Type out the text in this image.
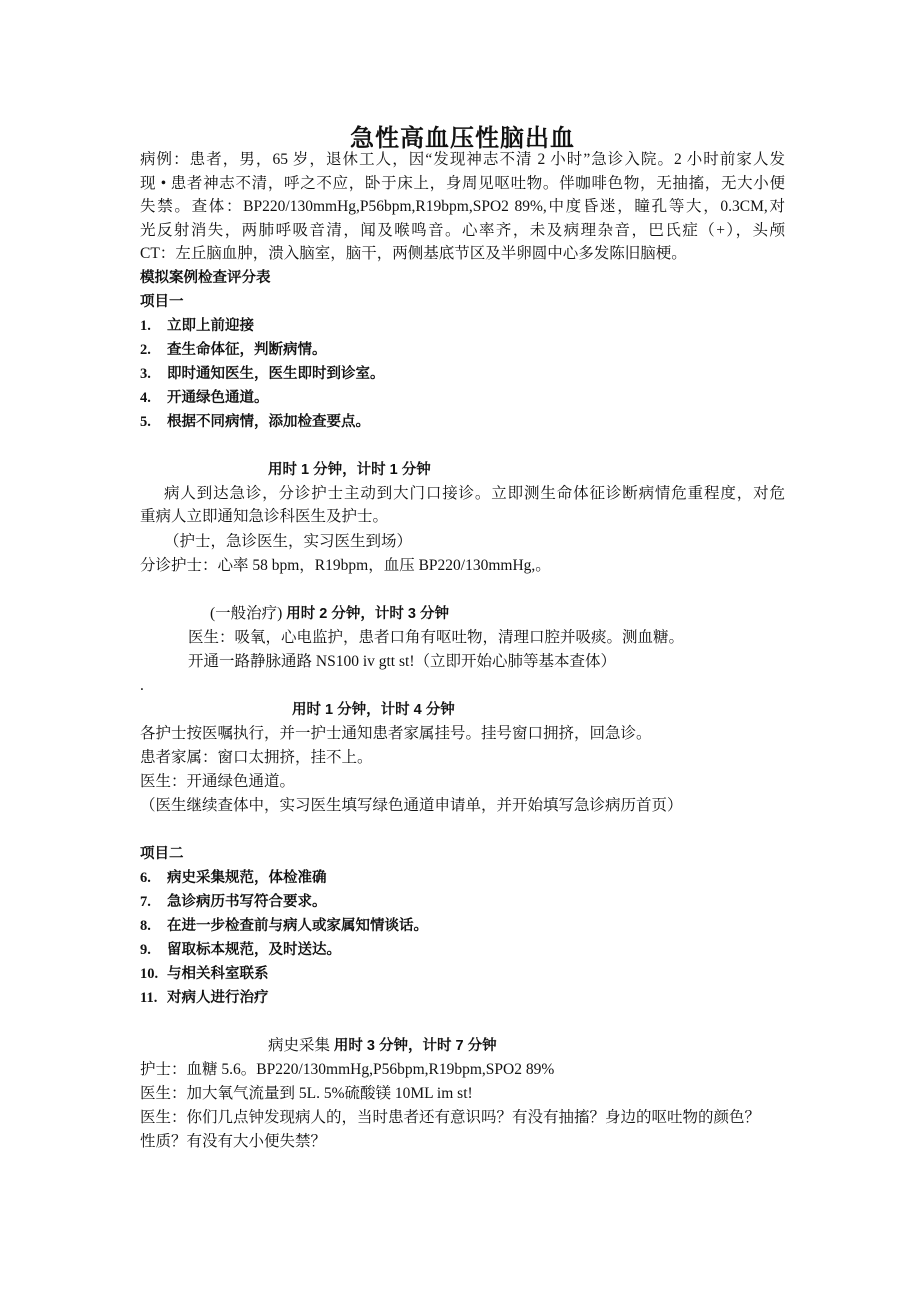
急性高血压性脑出血
病例：患者，男，65 岁，退休工人，因“发现神志不清 2 小时”急诊入院。2 小时前家人发
现 • 患者神志不清，呼之不应，卧于床上，身周见呕吐物。伴咖啡色物，无抽搐，无大小便
失禁。查体：BP220/130mmHg,P56bpm,R19bpm,SPO2 89%,中度昏迷，瞳孔等大，0.3CM,对
光反射消失，两肺呼吸音清，闻及喉鸣音。心率齐，未及病理杂音，巴氏症（+），头颅
CT：左丘脑血肿，溃入脑室，脑干，两侧基底节区及半卵圆中心多发陈旧脑梗。
模拟案例检查评分表
项目一
1. 立即上前迎接
2. 查生命体征，判断病情。
3. 即时通知医生，医生即时到诊室。
4. 开通绿色通道。
5. 根据不同病情，添加检查要点。
用时 1 分钟，计时 1 分钟
病人到达急诊，分诊护士主动到大门口接诊。立即测生命体征诊断病情危重程度，对危
重病人立即通知急诊科医生及护士。
（护士，急诊医生，实习医生到场）
分诊护士：心率 58 bpm，R19bpm，血压 BP220/130mmHg,。
(一般治疗) 用时 2 分钟，计时 3 分钟
医生：吸氧，心电监护，患者口角有呕吐物，清理口腔并吸痰。测血糖。
开通一路静脉通路 NS100 iv gtt st!（立即开始心肺等基本查体）
.
用时 1 分钟，计时 4 分钟
各护士按医嘱执行，并一护士通知患者家属挂号。挂号窗口拥挤，回急诊。
患者家属：窗口太拥挤，挂不上。
医生：开通绿色通道。
（医生继续查体中，实习医生填写绿色通道申请单，并开始填写急诊病历首页）
项目二
6. 病史采集规范，体检准确
7. 急诊病历书写符合要求。
8. 在进一步检查前与病人或家属知情谈话。
9. 留取标本规范，及时送达。
10. 与相关科室联系
11. 对病人进行治疗
病史采集 用时 3 分钟，计时 7 分钟
护士：血糖 5.6。BP220/130mmHg,P56bpm,R19bpm,SPO2 89%
医生：加大氧气流量到 5L. 5%硫酸镁 10ML im st!
医生：你们几点钟发现病人的，当时患者还有意识吗？有没有抽搐？身边的呕吐物的颜色？
性质？有没有大小便失禁？
